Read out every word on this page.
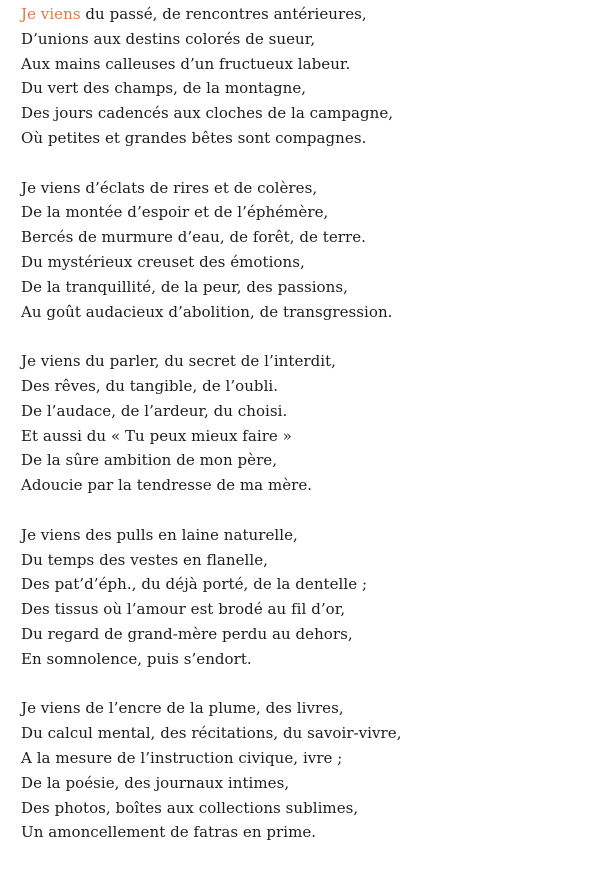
Je viens du passé, de rencontres antérieures,
D’unions aux destins colorés de sueur,
Aux mains calleuses d’un fructueux labeur.
Du vert des champs, de la montagne,
Des jours cadencés aux cloches de la campagne,
Où petites et grandes bêtes sont compagnes.
Je viens d’éclats de rires et de colères,
De la montée d’espoir et de l’éphémère,
Bercés de murmure d’eau, de forêt, de terre.
Du mystérieux creuset des émotions,
De la tranquillité, de la peur, des passions,
Au goût audacieux d’abolition, de transgression.
Je viens du parler, du secret de l’interdit,
Des rêves, du tangible, de l’oubli.
De l’audace, de l’ardeur, du choisi.
Et aussi du « Tu peux mieux faire »
De la sûre ambition de mon père,
Adoucie par la tendresse de ma mère.
Je viens des pulls en laine naturelle,
Du temps des vestes en flanelle,
Des pat’d’éph., du déjà porté, de la dentelle ;
Des tissus où l’amour est brodé au fil d’or,
Du regard de grand-mère perdu au dehors,
En somnolence, puis s’endort.
Je viens de l’encre de la plume, des livres,
Du calcul mental, des récitations, du savoir-vivre,
A la mesure de l’instruction civique, ivre ;
De la poésie, des journaux intimes,
Des photos, boîtes aux collections sublimes,
Un amoncellement de fatras en prime.
